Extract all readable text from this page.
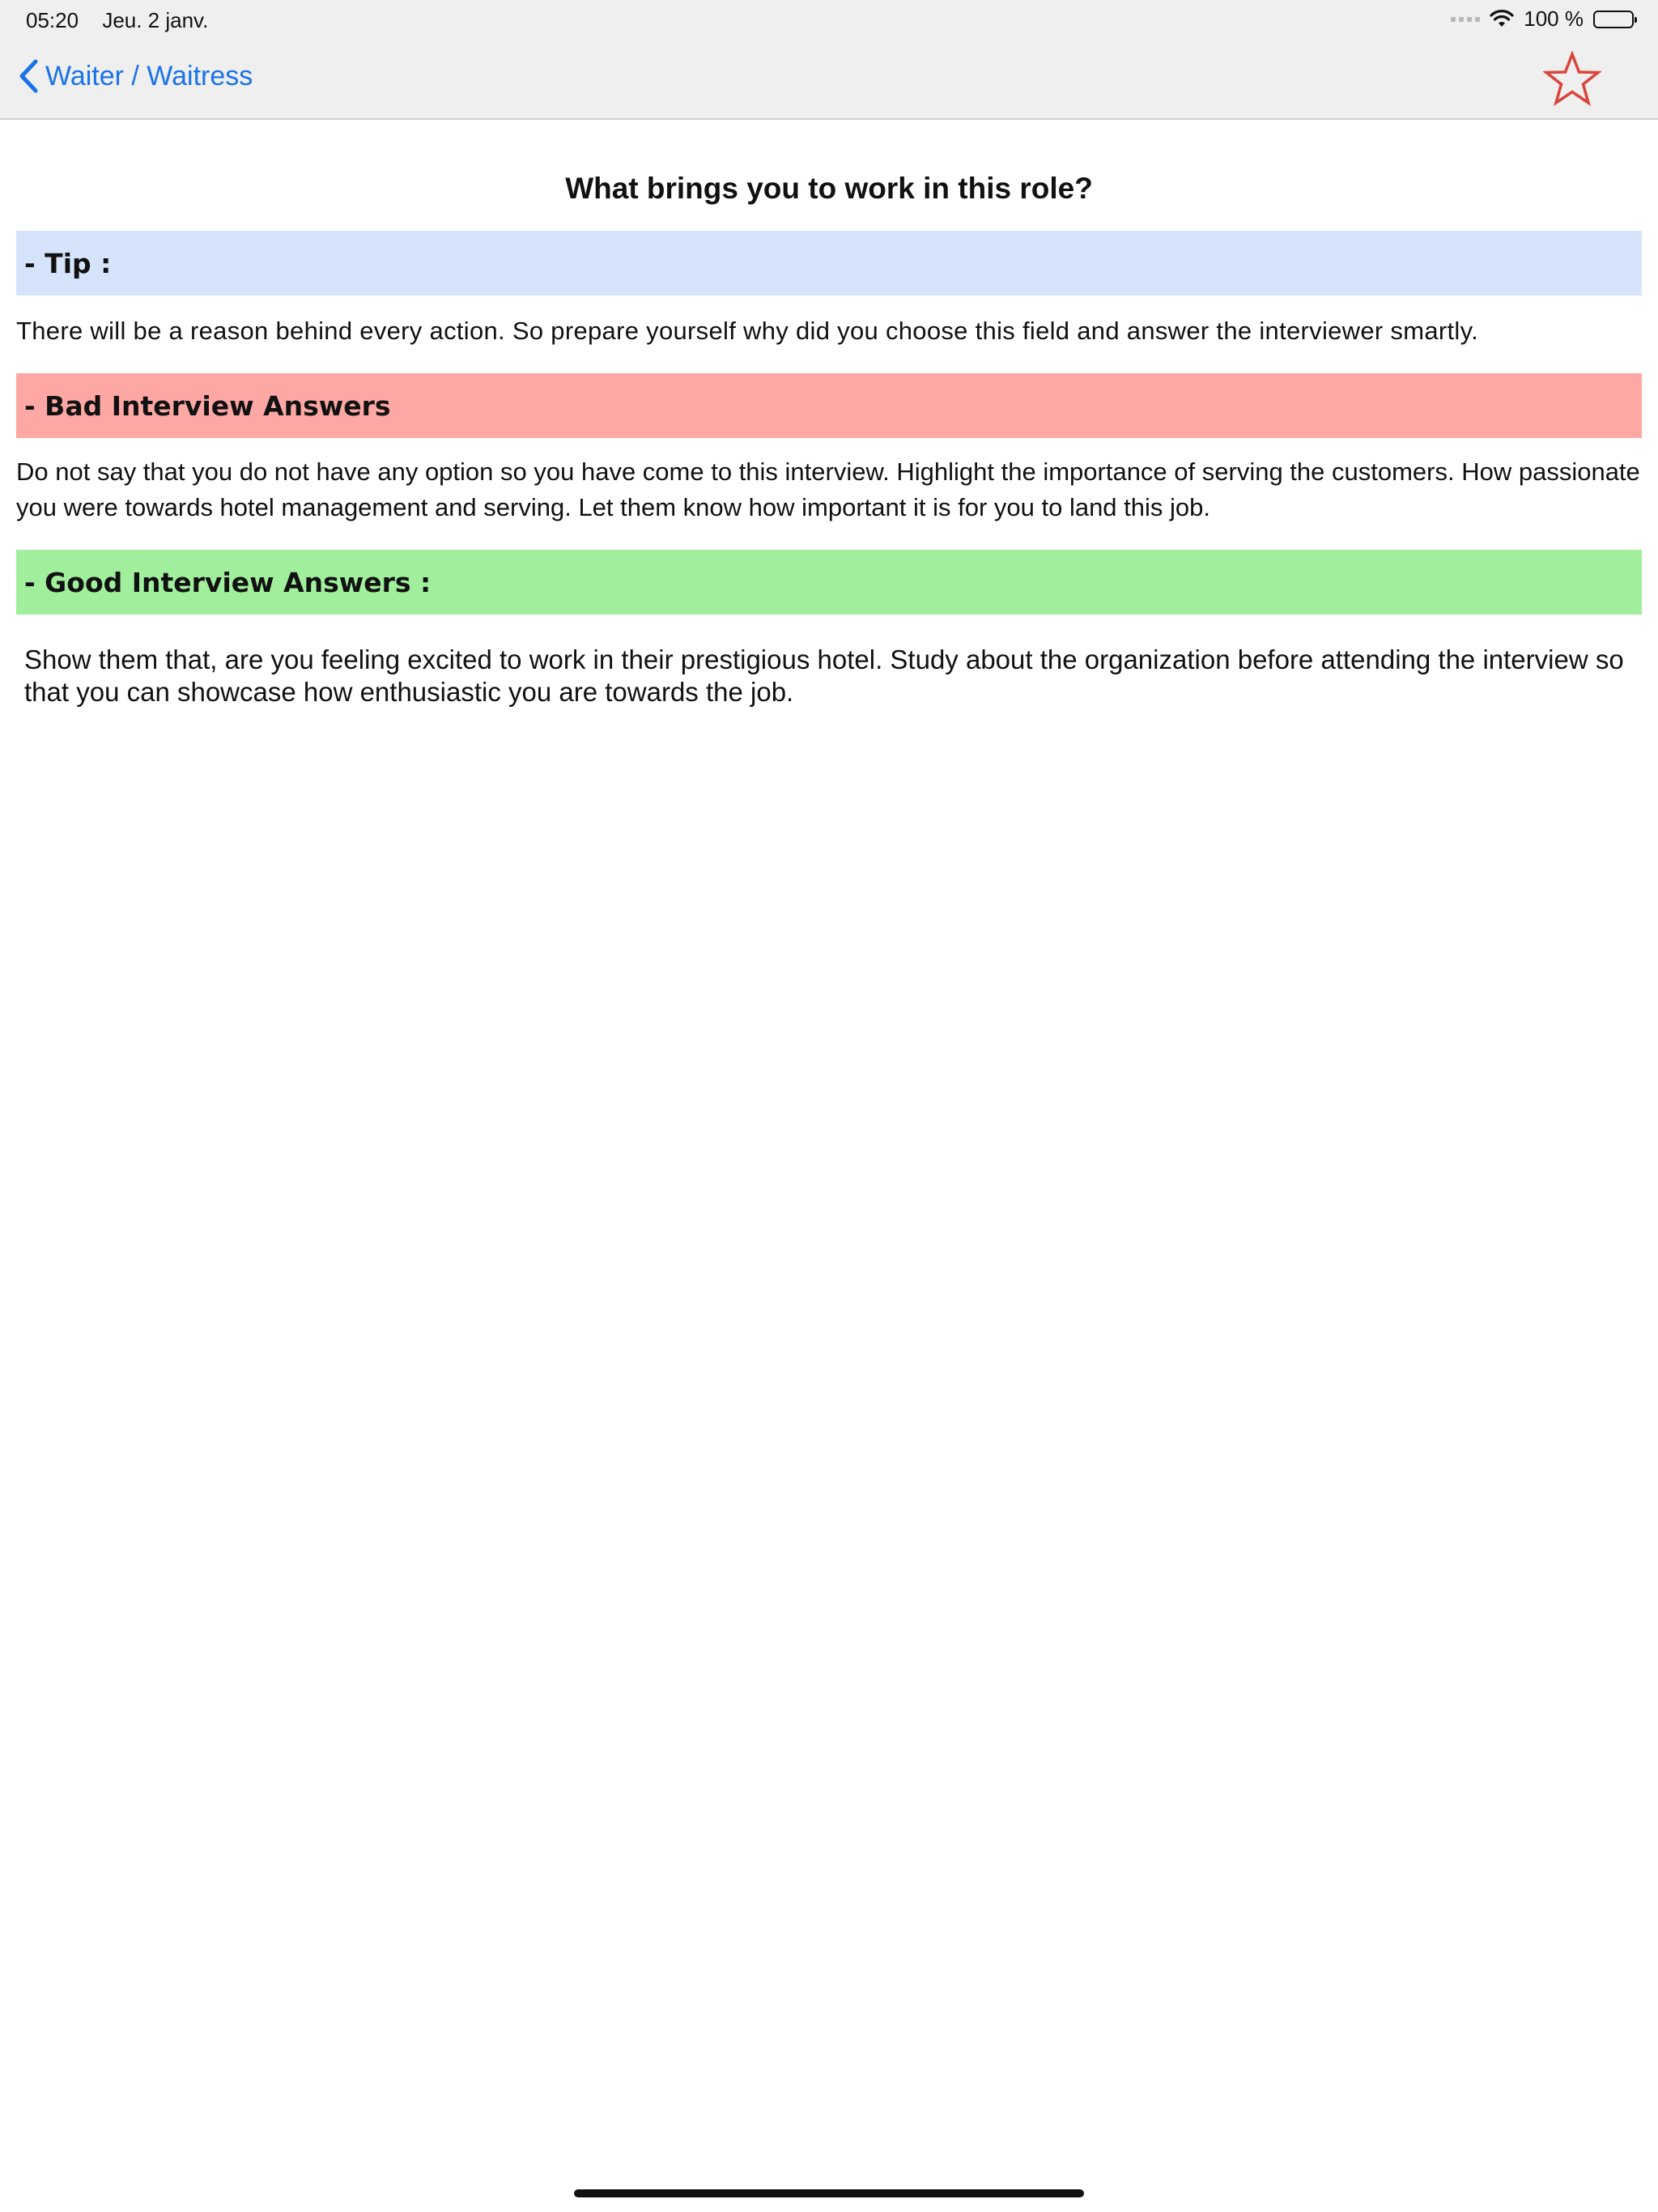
05:20 Jeu. 2 janv.	100 %
Waiter / Waitress
What brings you to work in this role?
- Tip :
There will be a reason behind every action. So prepare yourself why did you choose this field and answer the interviewer smartly.
- Bad Interview Answers
Do not say that you do not have any option so you have come to this interview. Highlight the importance of serving the customers. How passionate you were towards hotel management and serving. Let them know how important it is for you to land this job.
- Good Interview Answers :
Show them that, are you feeling excited to work in their prestigious hotel. Study about the organization before attending the interview so that you can showcase how enthusiastic you are towards the job.
